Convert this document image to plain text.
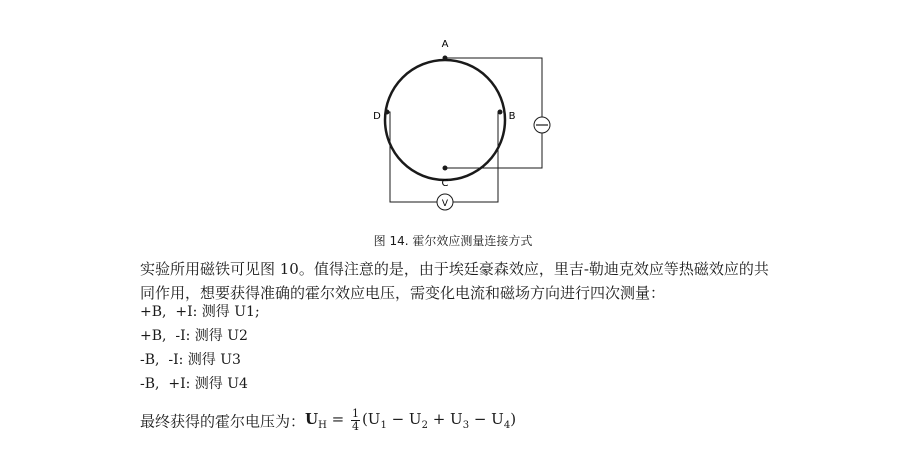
V
A
B
C
D
图 14. 霍尔效应测量连接方式

实验所用磁铁可见图 10。值得注意的是，由于埃廷豪森效应，里吉-勒迪克效应等热磁效应的共同作用，想要获得准确的霍尔效应电压，需变化电流和磁场方向进行四次测量：

+B,  +I: 测得 U1;
+B,  -I: 测得 U2
-B,  -I: 测得 U3
-B,  +I: 测得 U4
最终获得的霍尔电压为：$U_H = \frac{1}{4} (U_1 - U_2 + U_3 - U_4)$
